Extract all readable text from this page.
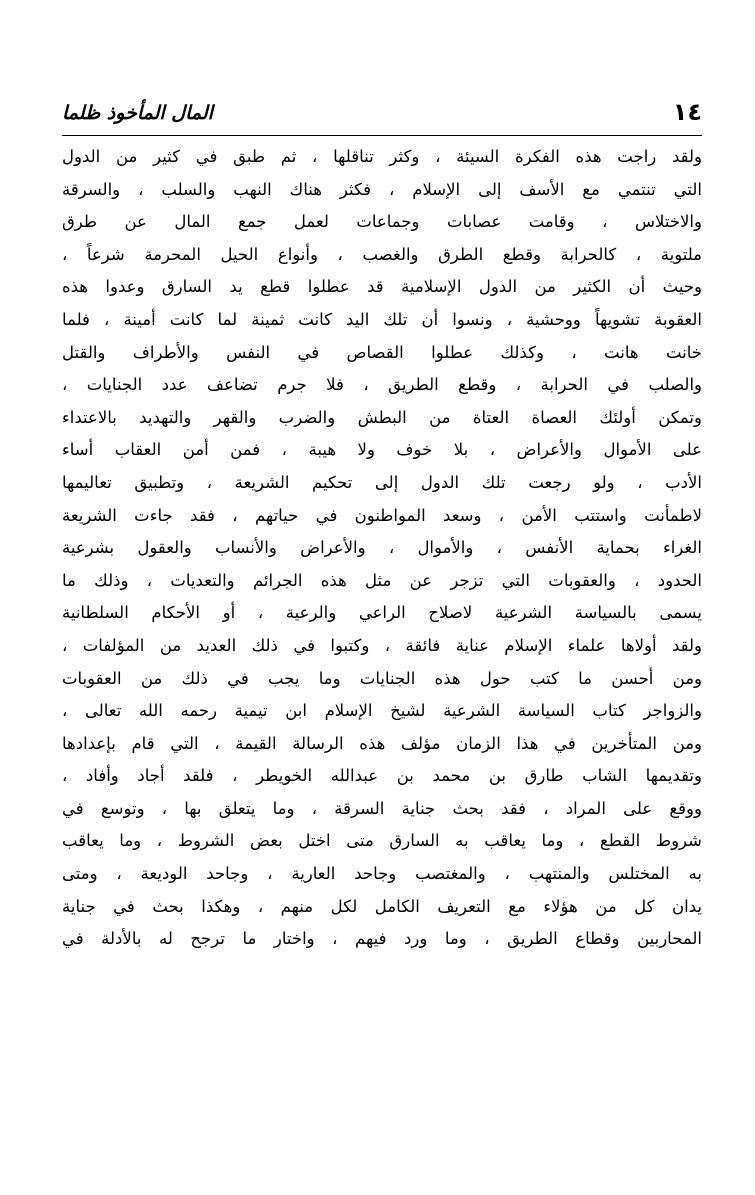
١٤
المال المأخوذ ظلما
ولقد راجت هذه الفكرة السيئة ، وكثر تناقلها ، ثم طبق في كثير من الدول
التي تنتمي مع الأسف إلى الإسلام ، فكثر هناك النهب والسلب ، والسرقة
والاختلاس ، وقامت عصابات وجماعات لعمل جمع المال عن طرق
ملتوية ، كالحرابة وقطع الطرق والغصب ، وأنواع الحيل المحرمة شرعاً ،
وحيث أن الكثير من الدول الإسلامية قد عطلوا قطع يد السارق وعدوا هذه
العقوبة تشويهاً ووحشية ، ونسوا أن تلك اليد كانت ثمينة لما كانت أمينة ، فلما
خانت هانت ، وكذلك عطلوا القصاص في النفس والأطراف والقتل
والصلب في الحرابة ، وقطع الطريق ، فلا جرم تضاعف عدد الجنايات ،
وتمكن أولئك العصاة العتاة من البطش والضرب والقهر والتهديد بالاعتداء
على الأموال والأعراض ، بلا خوف ولا هيبة ، فمن أمن العقاب أساء
الأدب ، ولو رجعت تلك الدول إلى تحكيم الشريعة ، وتطبيق تعاليمها
لاطمأنت واستتب الأمن ، وسعد المواطنون في حياتهم ، فقد جاءت الشريعة
الغراء بحماية الأنفس ، والأموال ، والأعراض والأنساب والعقول بشرعية
الحدود ، والعقوبات التي تزجر عن مثل هذه الجرائم والتعديات ، وذلك ما
يسمى بالسياسة الشرعية لاصلاح الراعي والرعية ، أو الأحكام السلطانية
ولقد أولاها علماء الإسلام عناية فائقة ، وكتبوا في ذلك العديد من المؤلفات ،
ومن أحسن ما كتب حول هذه الجنايات وما يجب في ذلك من العقوبات
والزواجر كتاب السياسة الشرعية لشيخ الإسلام ابن تيمية رحمه الله تعالى ،
ومن المتأخرين في هذا الزمان مؤلف هذه الرسالة القيمة ، التي قام بإعدادها
وتقديمها الشاب طارق بن محمد بن عبدالله الخويطر ، فلقد أجاد وأفاد ،
ووقع على المراد ، فقد بحث جناية السرقة ، وما يتعلق بها ، وتوسع في
شروط القطع ، وما يعاقب به السارق متى اختل بعض الشروط ، وما يعاقب
به المختلس والمنتهب ، والمغتصب وجاحد العارية ، وجاحد الوديعة ، ومتى
يدان كل من هؤلاء مع التعريف الكامل لكل منهم ، وهكذا بحث في جناية
المحاربين وقطاع الطريق ، وما ورد فيهم ، واختار ما ترجح له بالأدلة في
